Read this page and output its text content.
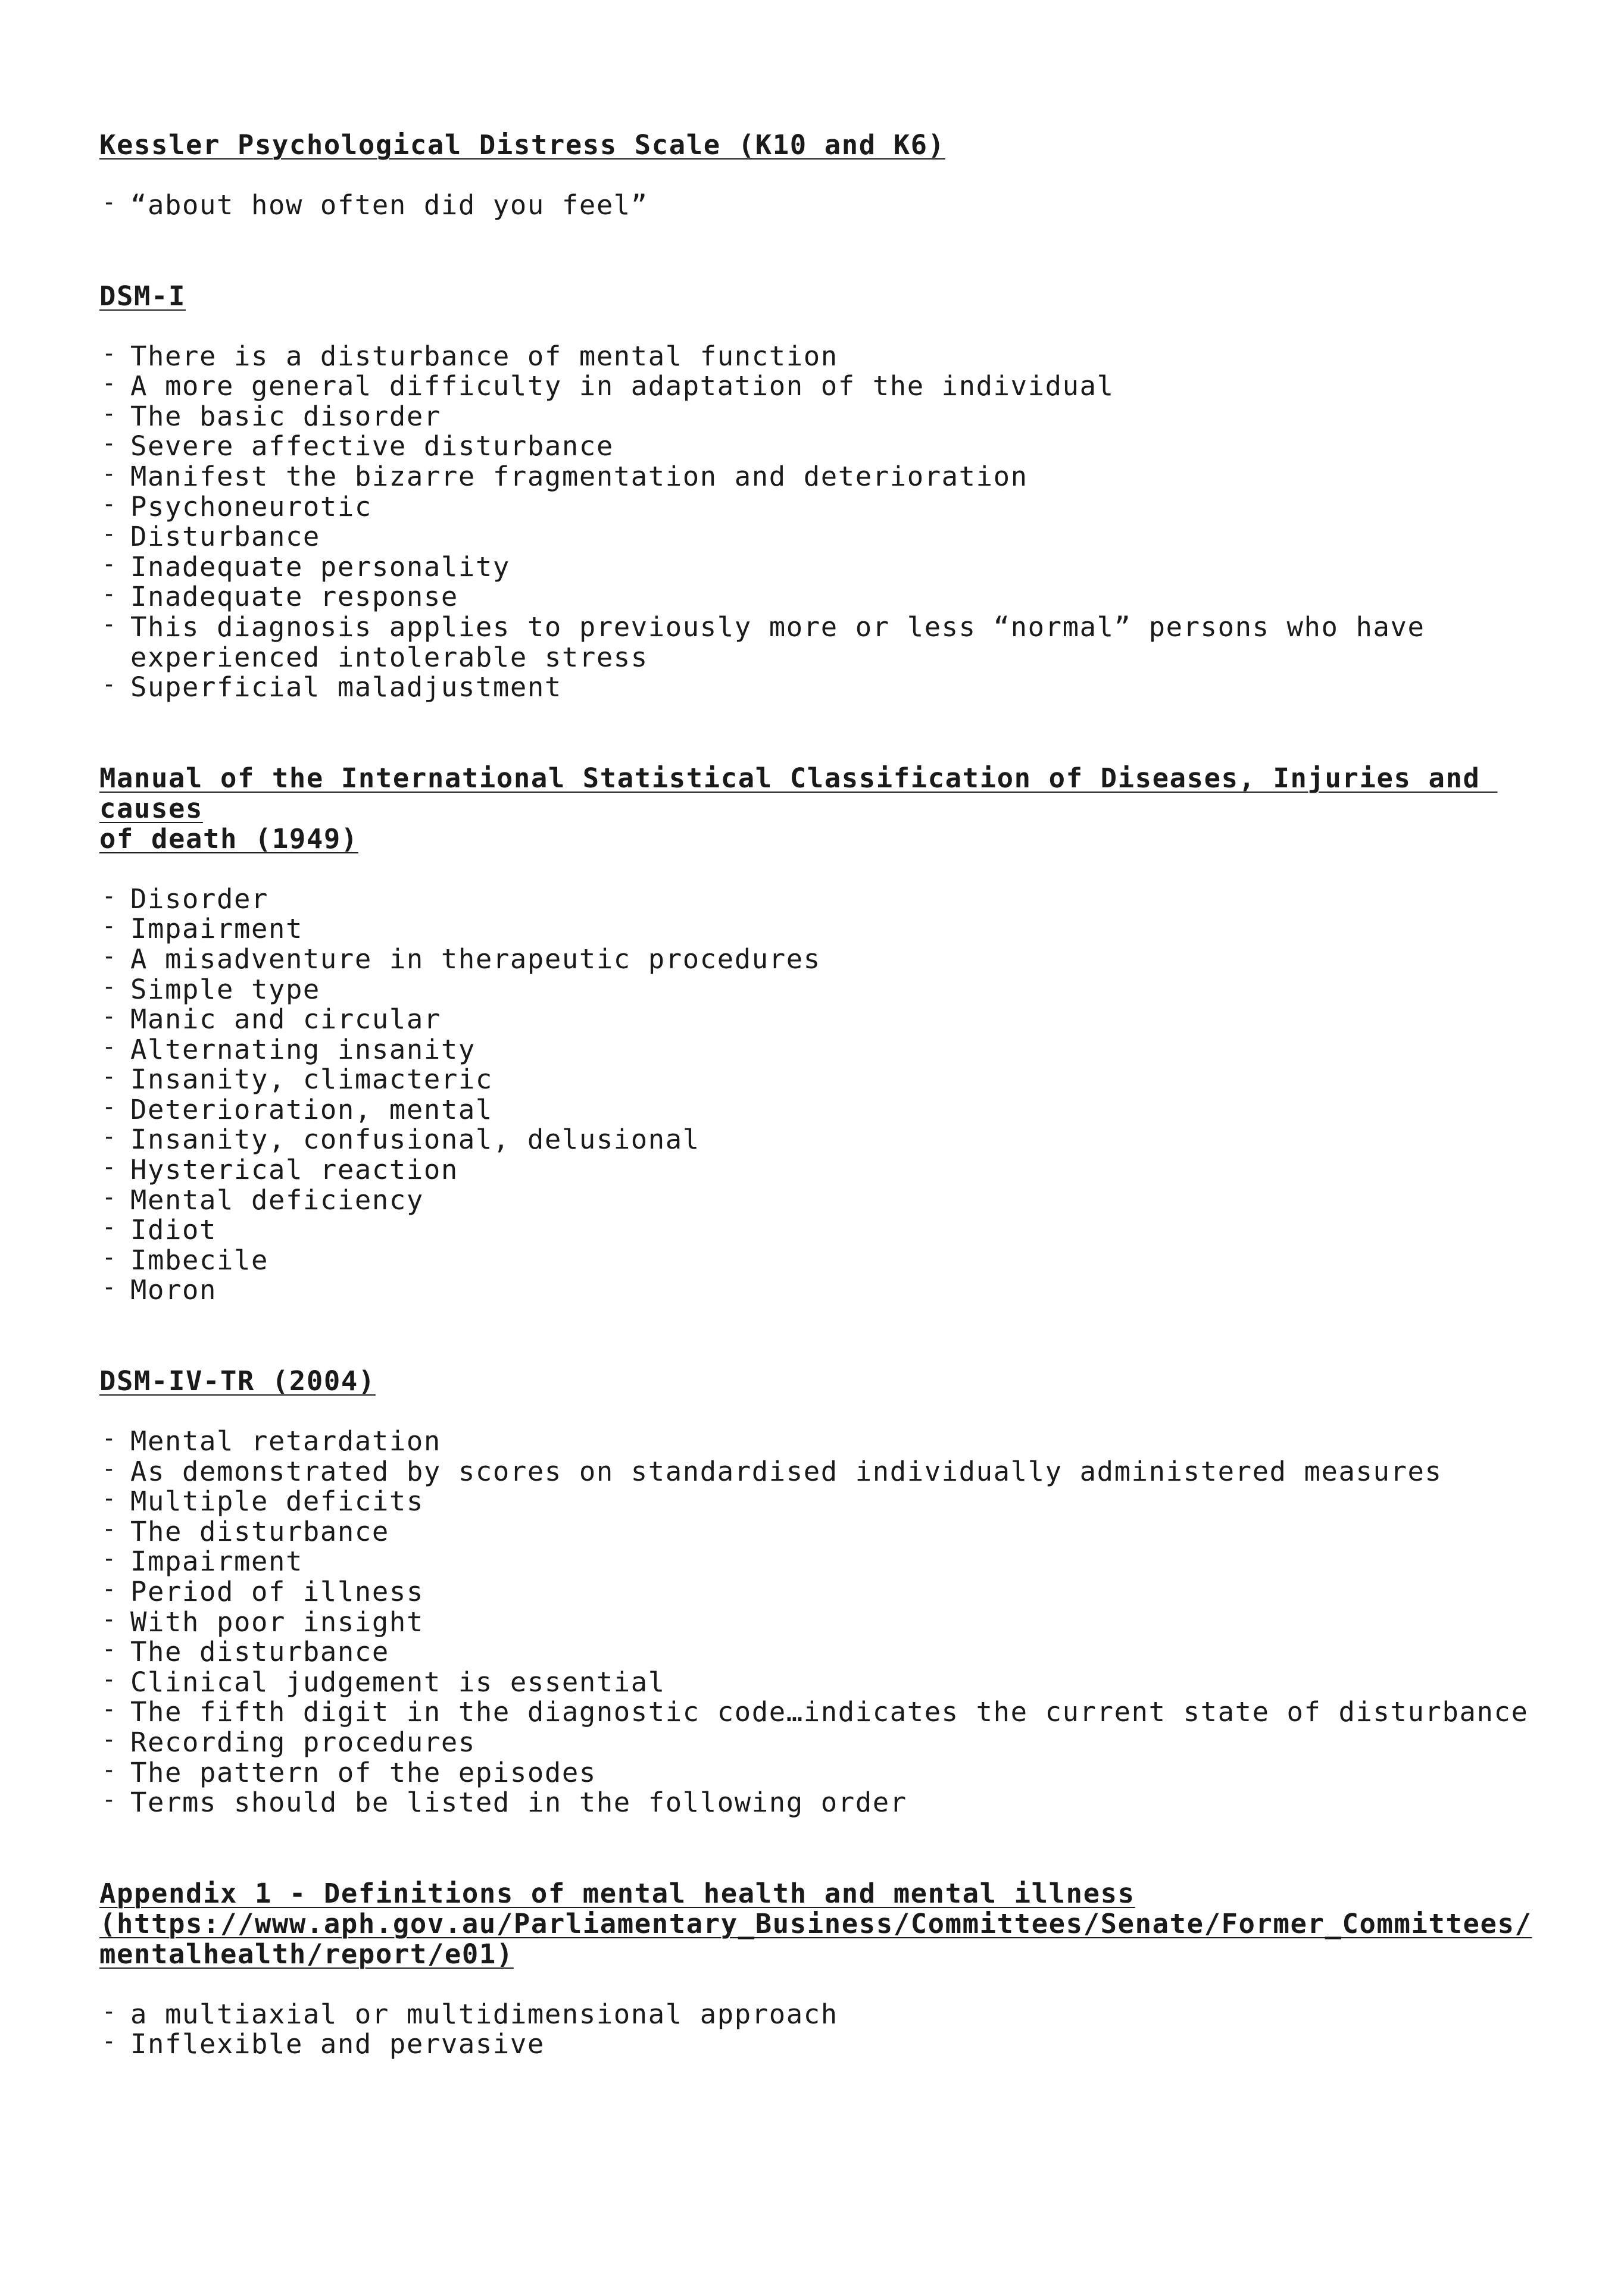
Kessler Psychological Distress Scale (K10 and K6)
- “about how often did you feel”
DSM-I
- There is a disturbance of mental function
- A more general difficulty in adaptation of the individual
- The basic disorder
- Severe affective disturbance
- Manifest the bizarre fragmentation and deterioration
- Psychoneurotic
- Disturbance
- Inadequate personality
- Inadequate response
- This diagnosis applies to previously more or less “normal” persons who have
experienced intolerable stress
- Superficial maladjustment
Manual of the International Statistical Classification of Diseases, Injuries and causes
of death (1949)
- Disorder
- Impairment
- A misadventure in therapeutic procedures
- Simple type
- Manic and circular
- Alternating insanity
- Insanity, climacteric
- Deterioration, mental
- Insanity, confusional, delusional
- Hysterical reaction
- Mental deficiency
- Idiot
- Imbecile
- Moron
DSM-IV-TR (2004)
- Mental retardation
- As demonstrated by scores on standardised individually administered measures
- Multiple deficits
- The disturbance
- Impairment
- Period of illness
- With poor insight
- The disturbance
- Clinical judgement is essential
- The fifth digit in the diagnostic code…indicates the current state of disturbance
- Recording procedures
- The pattern of the episodes
- Terms should be listed in the following order
Appendix 1 - Definitions of mental health and mental illness
(https://www.aph.gov.au/Parliamentary_Business/Committees/Senate/Former_Committees/
mentalhealth/report/e01)
- a multiaxial or multidimensional approach
- Inflexible and pervasive
